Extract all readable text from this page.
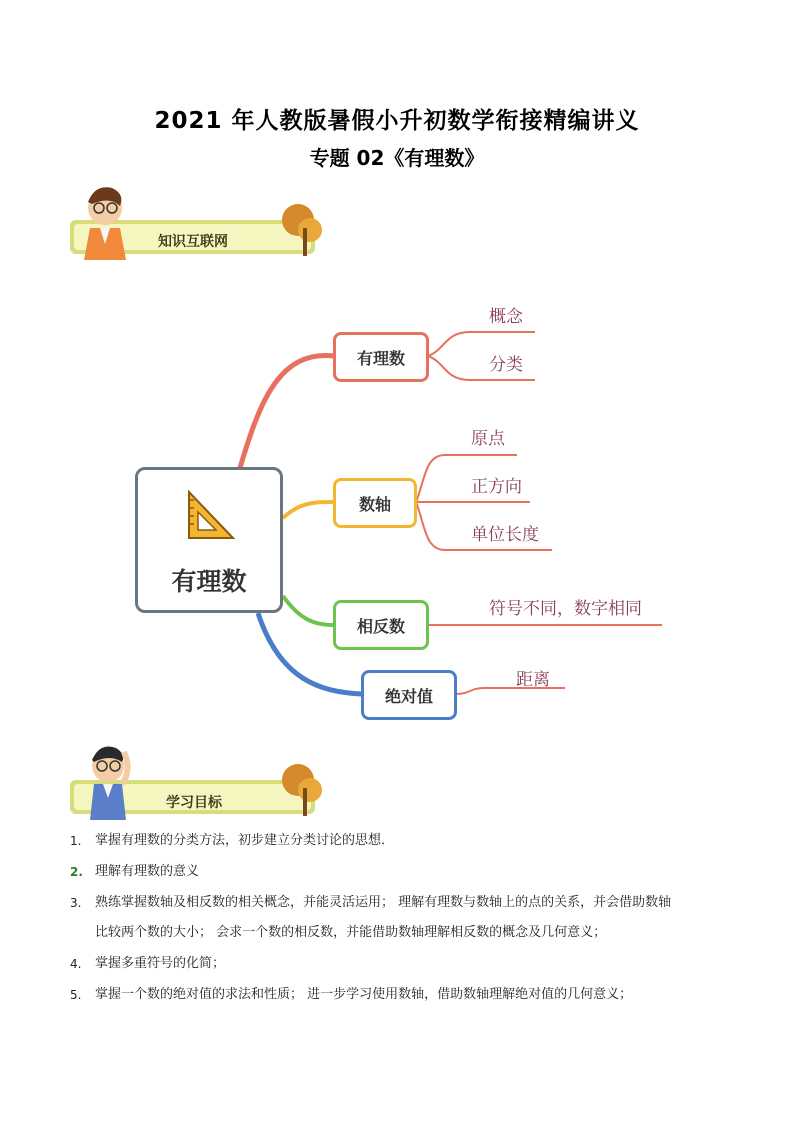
2021 年人教版暑假小升初数学衔接精编讲义
专题 02《有理数》
知识互联网
有理数
有理数
数轴
相反数
绝对值
概念
分类
原点
正方向
单位长度
符号不同，数字相同
距离
学习目标
1. 掌握有理数的分类方法，初步建立分类讨论的思想．
2. 理解有理数的意义
3. 熟练掌握数轴及相反数的相关概念，并能灵活运用； 理解有理数与数轴上的点的关系，并会借助数轴
比较两个数的大小； 会求一个数的相反数，并能借助数轴理解相反数的概念及几何意义；
4. 掌握多重符号的化简；
5. 掌握一个数的绝对值的求法和性质； 进一步学习使用数轴，借助数轴理解绝对值的几何意义；
